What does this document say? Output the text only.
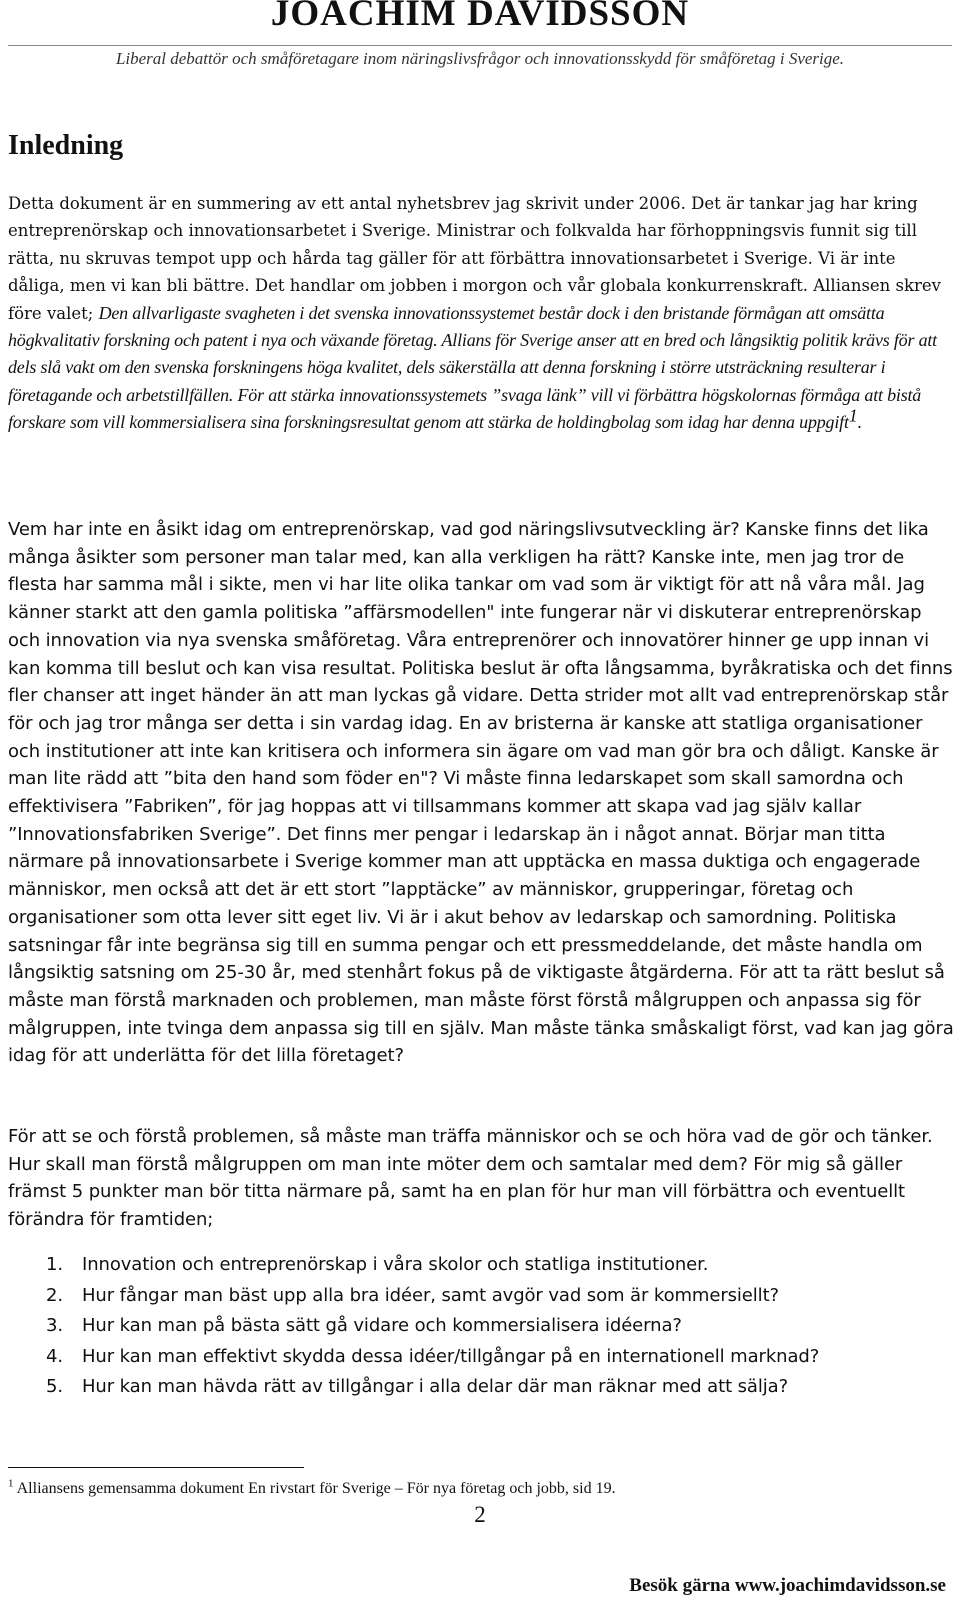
JOACHIM DAVIDSSON
Liberal debattör och småföretagare inom näringslivsfrågor och innovationsskydd för småföretag i Sverige.
Inledning
Detta dokument är en summering av ett antal nyhetsbrev jag skrivit under 2006. Det är tankar jag har kring entreprenörskap och innovationsarbetet i Sverige. Ministrar och folkvalda har förhoppningsvis funnit sig till rätta, nu skruvas tempot upp och hårda tag gäller för att förbättra innovationsarbetet i Sverige. Vi är inte dåliga, men vi kan bli bättre. Det handlar om jobben i morgon och vår globala konkurrenskraft. Alliansen skrev före valet; Den allvarligaste svagheten i det svenska innovationssystemet består dock i den bristande förmågan att omsätta högkvalitativ forskning och patent i nya och växande företag. Allians för Sverige anser att en bred och långsiktig politik krävs för att dels slå vakt om den svenska forskningens höga kvalitet, dels säkerställa att denna forskning i större utsträckning resulterar i företagande och arbetstillfällen. För att stärka innovationssystemets ”svaga länk” vill vi förbättra högskolornas förmåga att bistå forskare som vill kommersialisera sina forskningsresultat genom att stärka de holdingbolag som idag har denna uppgift$^1$.
Vem har inte en åsikt idag om entreprenörskap, vad god näringslivsutveckling är? Kanske finns det lika många åsikter som personer man talar med, kan alla verkligen ha rätt? Kanske inte, men jag tror de flesta har samma mål i sikte, men vi har lite olika tankar om vad som är viktigt för att nå våra mål. Jag känner starkt att den gamla politiska ”affärsmodellen" inte fungerar när vi diskuterar entreprenörskap och innovation via nya svenska småföretag. Våra entreprenörer och innovatörer hinner ge upp innan vi kan komma till beslut och kan visa resultat. Politiska beslut är ofta långsamma, byråkratiska och det finns fler chanser att inget händer än att man lyckas gå vidare. Detta strider mot allt vad entreprenörskap står för och jag tror många ser detta i sin vardag idag. En av bristerna är kanske att statliga organisationer och institutioner att inte kan kritisera och informera sin ägare om vad man gör bra och dåligt. Kanske är man lite rädd att ”bita den hand som föder en"? Vi måste finna ledarskapet som skall samordna och effektivisera ”Fabriken”, för jag hoppas att vi tillsammans kommer att skapa vad jag själv kallar ”Innovationsfabriken Sverige”. Det finns mer pengar i ledarskap än i något annat. Börjar man titta närmare på innovationsarbete i Sverige kommer man att upptäcka en massa duktiga och engagerade människor, men också att det är ett stort ”lapptäcke” av människor, grupperingar, företag och organisationer som otta lever sitt eget liv. Vi är i akut behov av ledarskap och samordning. Politiska satsningar får inte begränsa sig till en summa pengar och ett pressmeddelande, det måste handla om långsiktig satsning om 25-30 år, med stenhårt fokus på de viktigaste åtgärderna. För att ta rätt beslut så måste man förstå marknaden och problemen, man måste först förstå målgruppen och anpassa sig för målgruppen, inte tvinga dem anpassa sig till en själv. Man måste tänka småskaligt först, vad kan jag göra idag för att underlätta för det lilla företaget?
För att se och förstå problemen, så måste man träffa människor och se och höra vad de gör och tänker. Hur skall man förstå målgruppen om man inte möter dem och samtalar med dem? För mig så gäller främst 5 punkter man bör titta närmare på, samt ha en plan för hur man vill förbättra och eventuellt förändra för framtiden;
1. Innovation och entreprenörskap i våra skolor och statliga institutioner.
2. Hur fångar man bäst upp alla bra idéer, samt avgör vad som är kommersiellt?
3. Hur kan man på bästa sätt gå vidare och kommersialisera idéerna?
4. Hur kan man effektivt skydda dessa idéer/tillgångar på en internationell marknad?
5. Hur kan man hävda rätt av tillgångar i alla delar där man räknar med att sälja?
$^1$ Alliansens gemensamma dokument En rivstart för Sverige – För nya företag och jobb, sid 19.
2
Besök gärna www.joachimdavidsson.se
